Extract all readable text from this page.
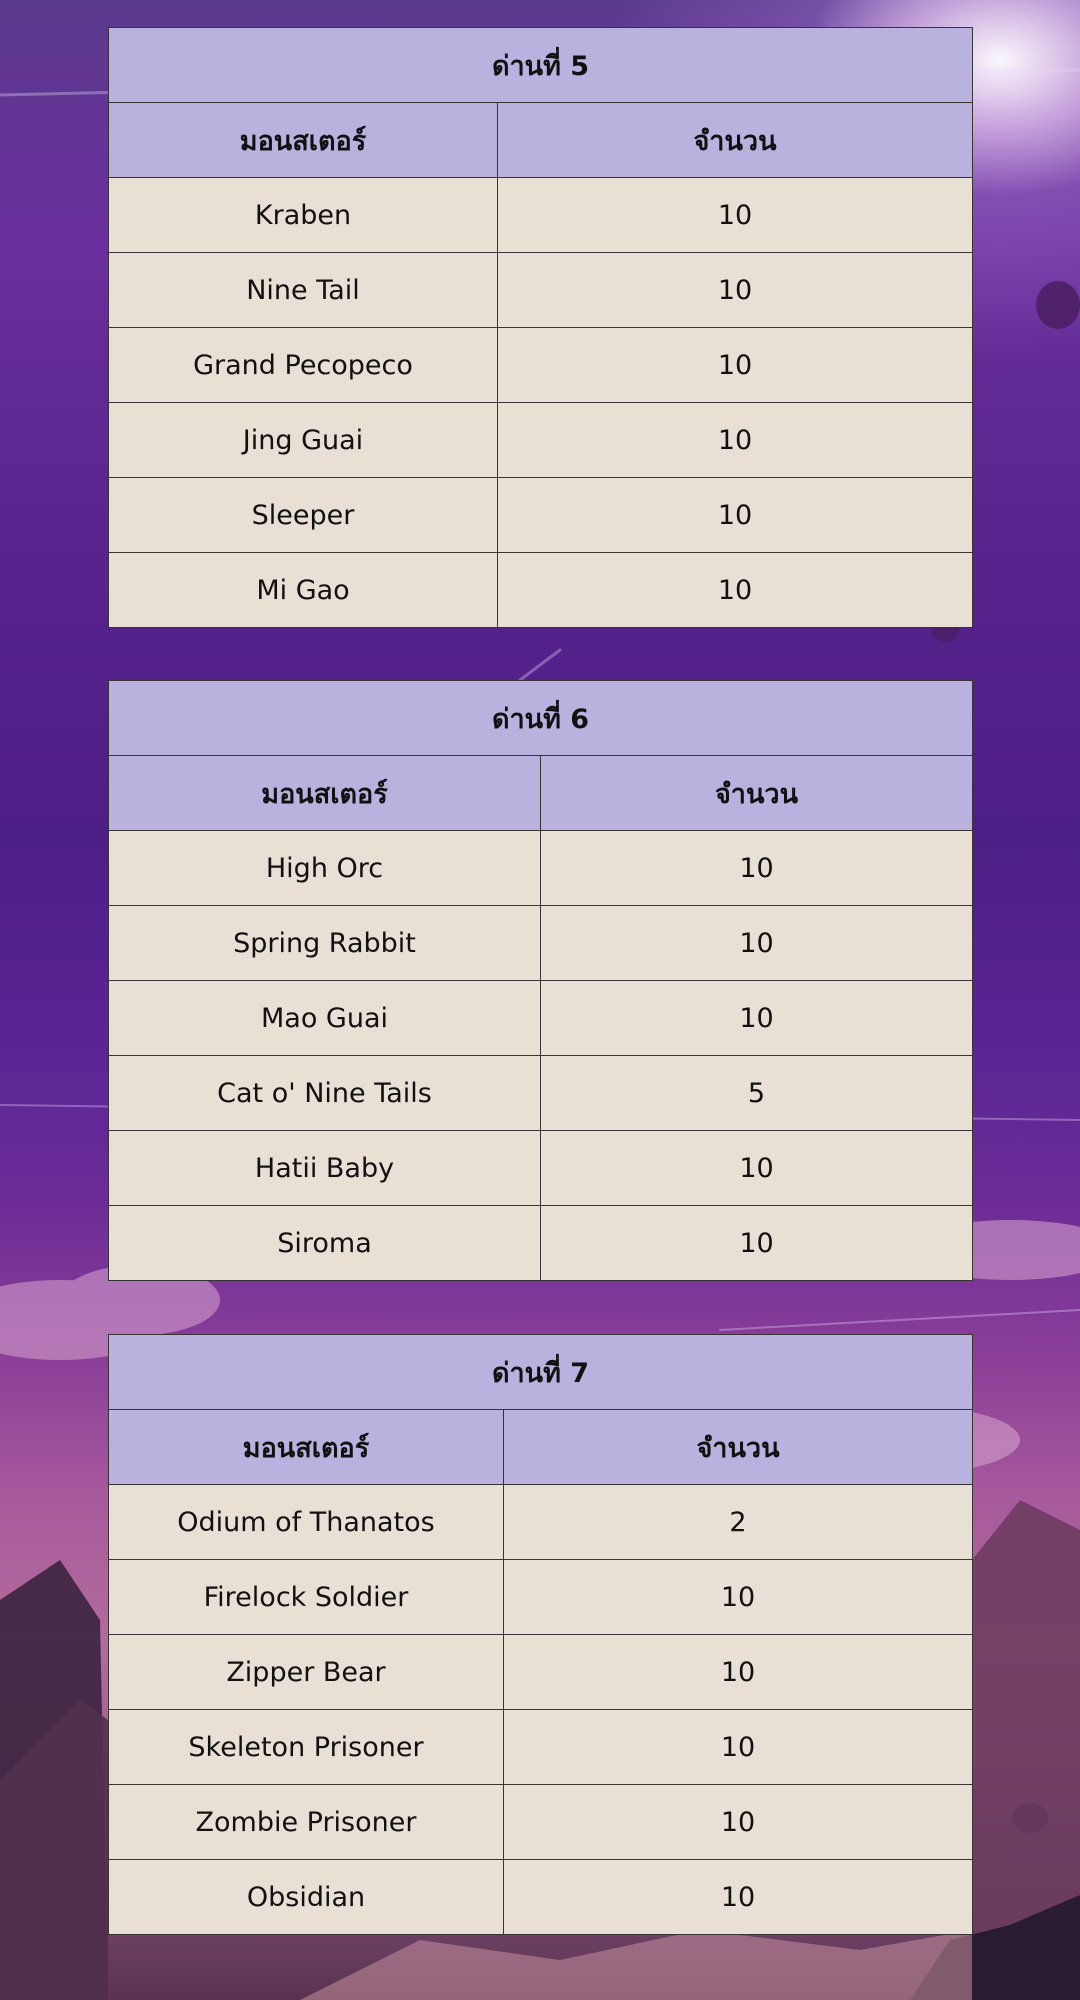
ด่านที่ 5	
มอนสเตอร์	จำนวน
Kraben	10
Nine Tail	10
Grand Pecopeco	10
Jing Guai	10
Sleeper	10
Mi Gao	10
ด่านที่ 6	
มอนสเตอร์	จำนวน
High Orc	10
Spring Rabbit	10
Mao Guai	10
Cat o' Nine Tails	5
Hatii Baby	10
Siroma	10
ด่านที่ 7	
มอนสเตอร์	จำนวน
Odium of Thanatos	2
Firelock Soldier	10
Zipper Bear	10
Skeleton Prisoner	10
Zombie Prisoner	10
Obsidian	10
